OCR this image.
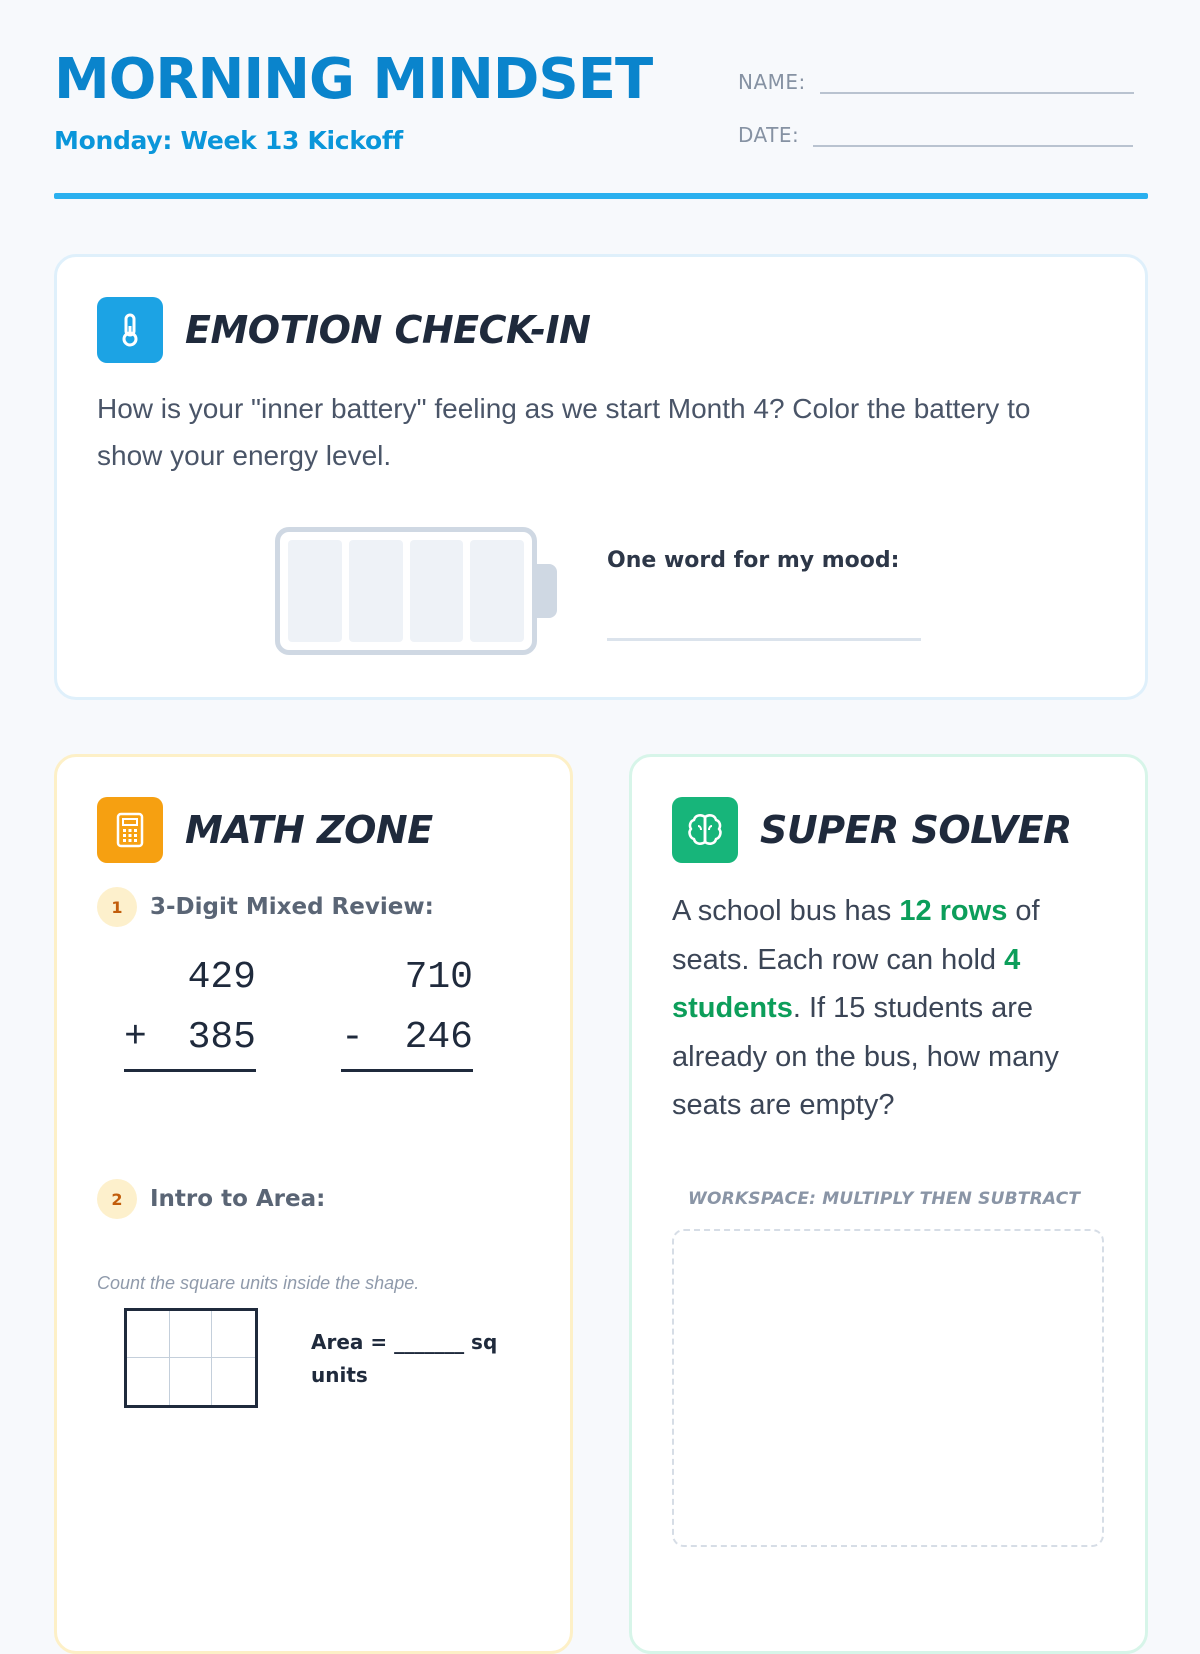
MORNING MINDSET
Monday: Week 13 Kickoff
NAME:
DATE:
EMOTION CHECK-IN

How is your "inner battery" feeling as we start Month 4? Color the battery to show your energy level.

One word for my mood:
MATH ZONE
1	3-Digit Mixed Review:
429
+ 385
710
- 246
2	Intro to Area:
Count the square units inside the shape.
Area = _______ sq units
SUPER SOLVER

A school bus has 12 rows of seats. Each row can hold 4 students. If 15 students are already on the bus, how many seats are empty?

WORKSPACE: MULTIPLY THEN SUBTRACT
